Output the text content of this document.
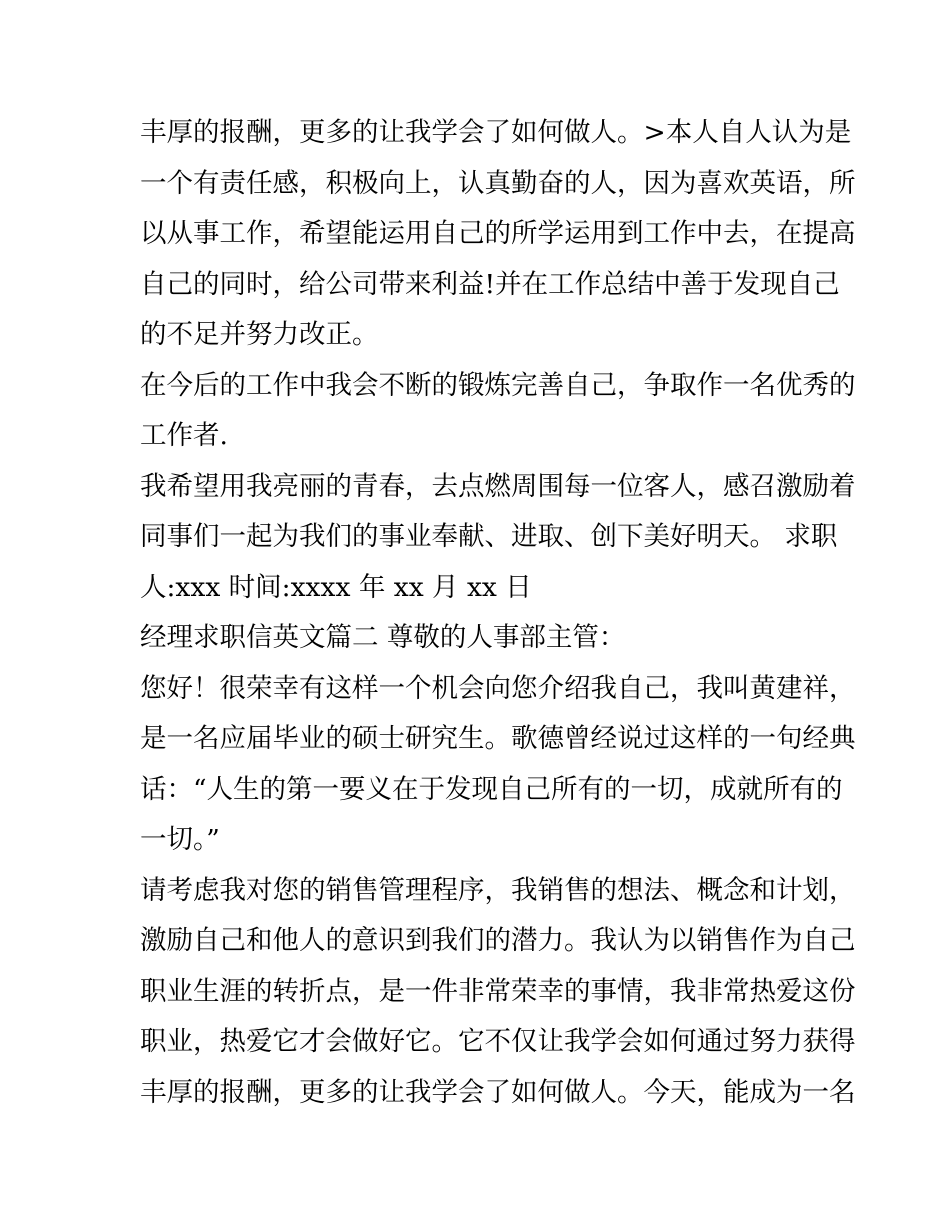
丰厚的报酬，更多的让我学会了如何做人。>本人自人认为是
一个有责任感，积极向上，认真勤奋的人，因为喜欢英语，所
以从事工作，希望能运用自己的所学运用到工作中去，在提高
自己的同时，给公司带来利益!并在工作总结中善于发现自己
的不足并努力改正。
在今后的工作中我会不断的锻炼完善自己，争取作一名优秀的
工作者.
我希望用我亮丽的青春，去点燃周围每一位客人，感召激励着
同事们一起为我们的事业奉献、进取、创下美好明天。 求职
人:xxx 时间:xxxx 年 xx 月 xx 日
经理求职信英文篇二 尊敬的人事部主管：
您好！很荣幸有这样一个机会向您介绍我自己，我叫黄建祥，
是一名应届毕业的硕士研究生。歌德曾经说过这样的一句经典
话：“人生的第一要义在于发现自己所有的一切，成就所有的
一切。”
请考虑我对您的销售管理程序，我销售的想法、概念和计划，
激励自己和他人的意识到我们的潜力。我认为以销售作为自己
职业生涯的转折点，是一件非常荣幸的事情，我非常热爱这份
职业，热爱它才会做好它。它不仅让我学会如何通过努力获得
丰厚的报酬，更多的让我学会了如何做人。今天，能成为一名
